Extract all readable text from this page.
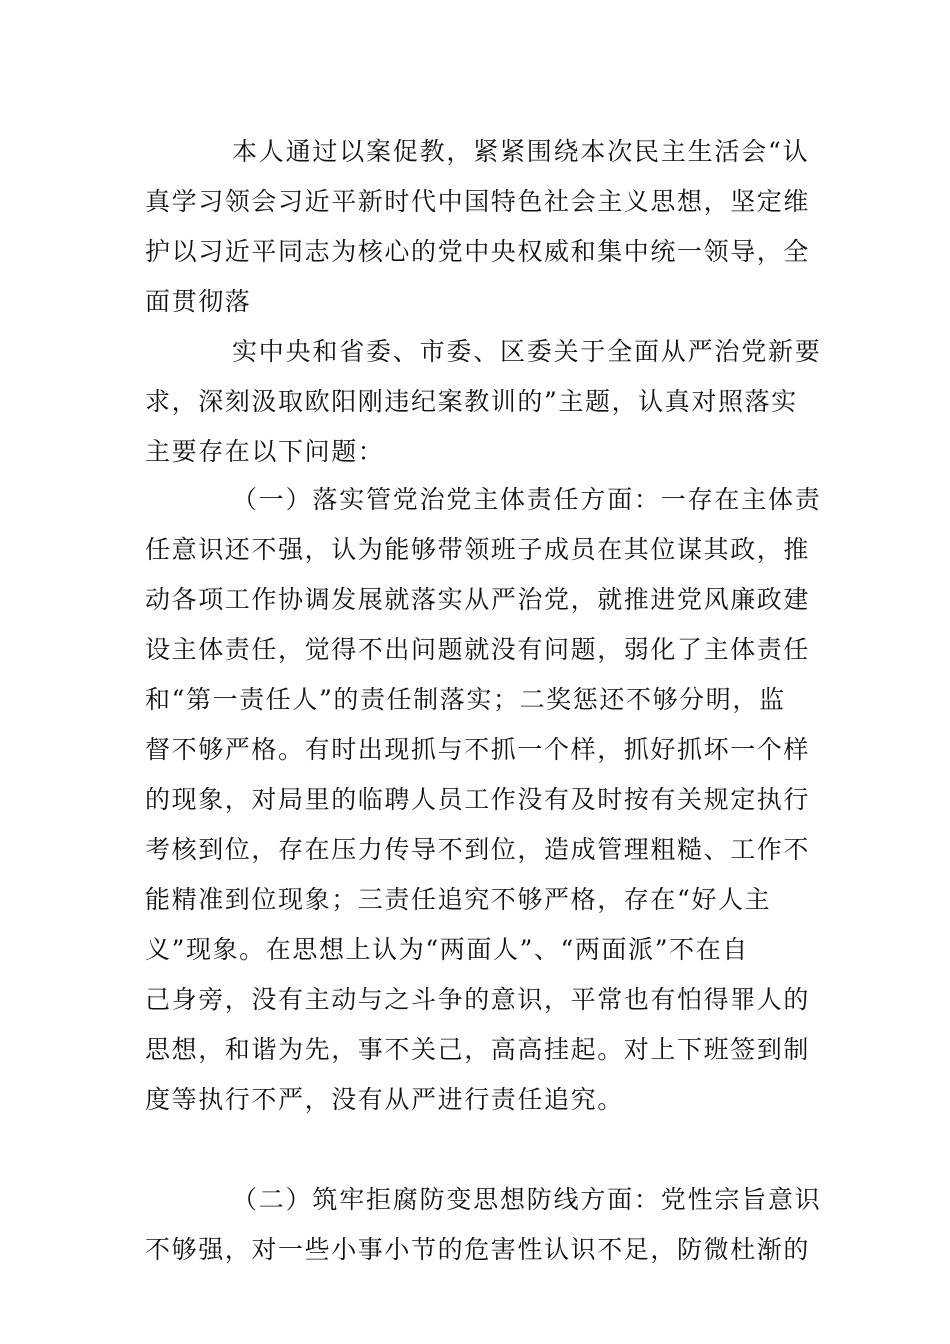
本人通过以案促教，紧紧围绕本次民主生活会“认

真学习领会习近平新时代中国特色社会主义思想，坚定维

护以习近平同志为核心的党中央权威和集中统一领导，全

面贯彻落

实中央和省委、市委、区委关于全面从严治党新要

求，深刻汲取欧阳刚违纪案教训的”主题，认真对照落实

主要存在以下问题：

（一）落实管党治党主体责任方面：一存在主体责

任意识还不强，认为能够带领班子成员在其位谋其政，推

动各项工作协调发展就落实从严治党，就推进党风廉政建

设主体责任，觉得不出问题就没有问题，弱化了主体责任

和“第一责任人”的责任制落实；二奖惩还不够分明，监

督不够严格。有时出现抓与不抓一个样，抓好抓坏一个样

的现象，对局里的临聘人员工作没有及时按有关规定执行

考核到位，存在压力传导不到位，造成管理粗糙、工作不

能精准到位现象；三责任追究不够严格，存在“好人主

义”现象。在思想上认为“两面人”、“两面派”不在自

己身旁，没有主动与之斗争的意识，平常也有怕得罪人的

思想，和谐为先，事不关己，高高挂起。对上下班签到制

度等执行不严，没有从严进行责任追究。

（二）筑牢拒腐防变思想防线方面：党性宗旨意识

不够强，对一些小事小节的危害性认识不足，防微杜渐的
